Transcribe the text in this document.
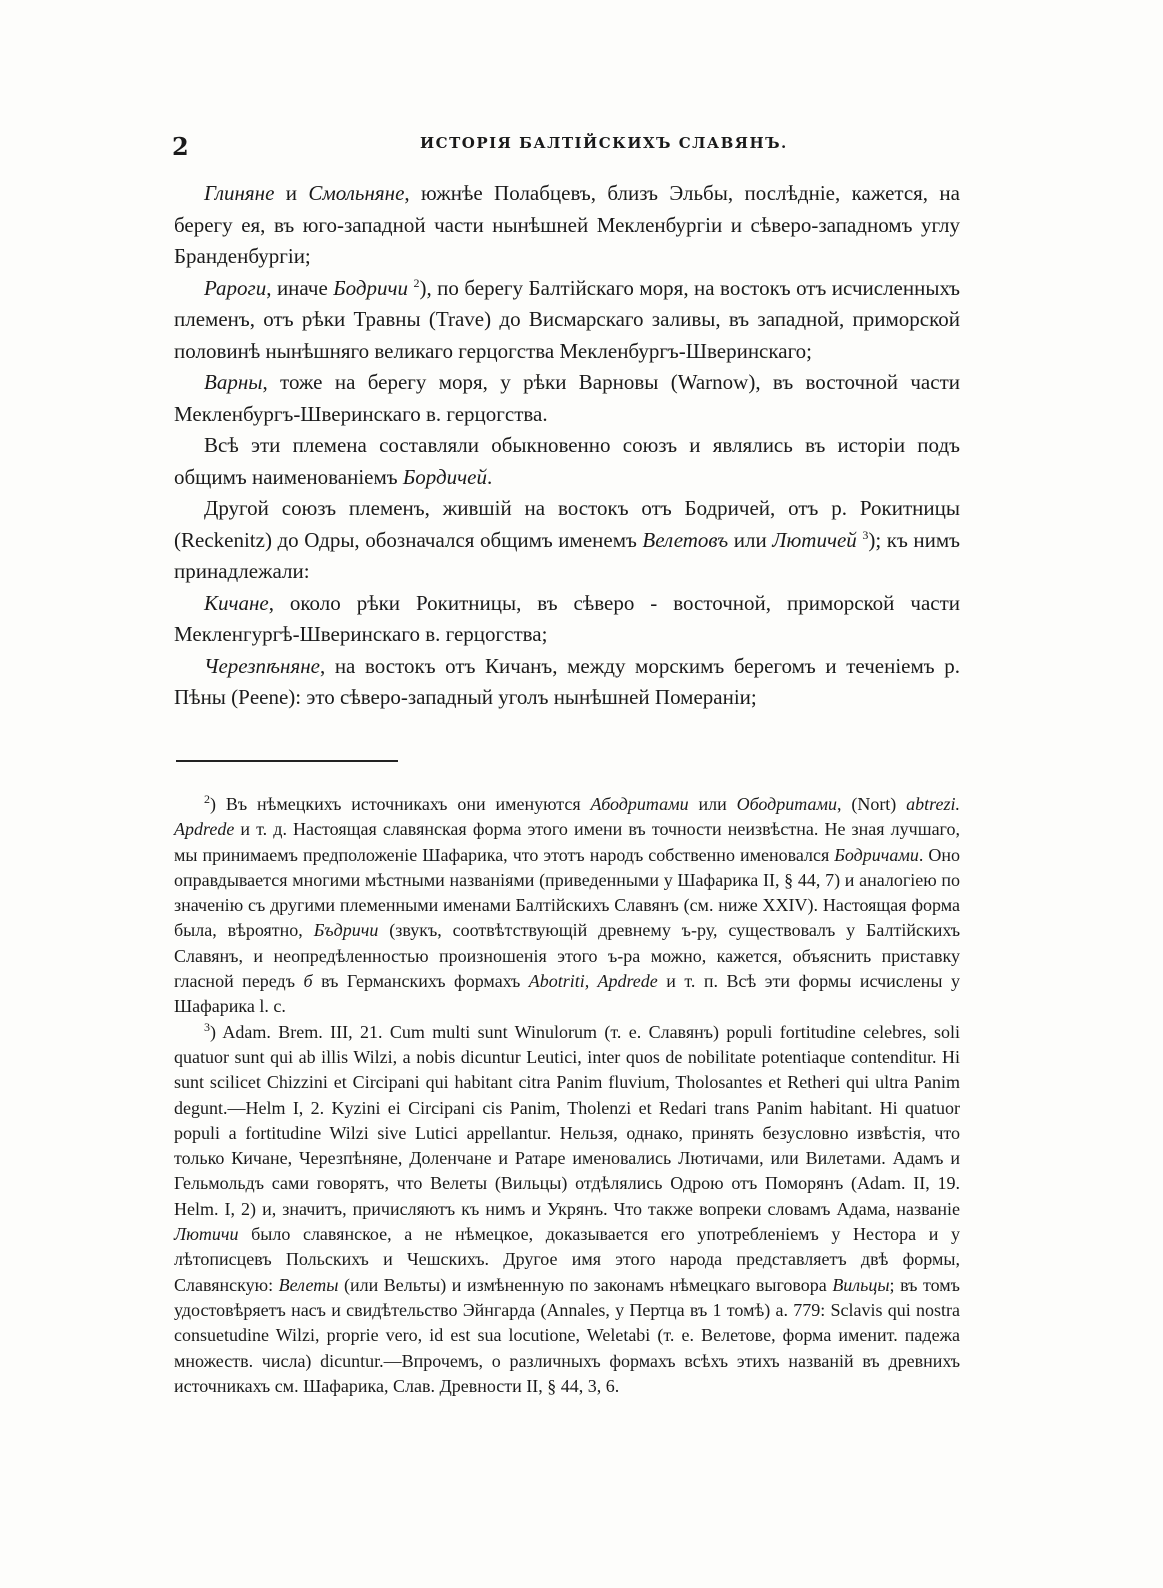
2	ИСТОРІЯ БАЛТІЙСКИХЪ СЛАВЯНЪ.

Глиняне и Смольняне, южнѣе Полабцевъ, близъ Эльбы, послѣдніе, кажется, на берегу ея, въ юго-западной части нынѣшней Мекленбургіи и сѣверо-западномъ углу Бранденбургіи;

Рароги, иначе Бодричи $^2$), по берегу Балтійскаго моря, на востокъ отъ исчисленныхъ племенъ, отъ рѣки Травны (Trave) до Висмарскаго заливы, въ западной, приморской половинѣ нынѣшняго великаго герцогства Мекленбургъ-Шверинскаго;

Варны, тоже на берегу моря, у рѣки Варновы (Warnow), въ восточной части Мекленбургъ-Шверинскаго в. герцогства.

Всѣ эти племена составляли обыкновенно союзъ и являлись въ исторіи подъ общимъ наименованіемъ Бордичей.

Другой союзъ племенъ, жившій на востокъ отъ Бодричей, отъ р. Рокитницы (Reckenitz) до Одры, обозначался общимъ именемъ Велетовъ или Лютичей $^3$); къ нимъ принадлежали:

Кичане, около рѣки Рокитницы, въ сѣверо - восточной, приморской части Мекленгургѣ-Шверинскаго в. герцогства;

Черезпѣняне, на востокъ отъ Кичанъ, между морскимъ берегомъ и теченіемъ р. Пѣны (Peene): это сѣверо-западный уголъ нынѣшней Помераніи;

$^2$) Въ нѣмецкихъ источникахъ они именуются Абодритами или Ободритами, (Nort) abtrezi. Apdrede и т. д. Настоящая славянская форма этого имени въ точности неизвѣстна. Не зная лучшаго, мы принимаемъ предположеніе Шафарика, что этотъ народъ собственно именовался Бодричами. Оно оправдывается многими мѣстными названіями (приведенными у Шафарика II, § 44, 7) и аналогіею по значенію съ другими племенными именами Балтійскихъ Славянъ (см. ниже XXIV). Настоящая форма была, вѣроятно, Бъдричи (звукъ, соотвѣтствующій древнему ъ-ру, существовалъ у Балтійскихъ Славянъ, и неопредѣленностью произношенія этого ъ-ра можно, кажется, объяснить приставку гласной передъ б въ Германскихъ формахъ Abotriti, Apdrede и т. п. Всѣ эти формы исчислены у Шафарика l. c.

$^3$) Adam. Brem. III, 21. Cum multi sunt Winulorum (т. е. Славянъ) populi fortitudine celebres, soli quatuor sunt qui ab illis Wilzi, a nobis dicuntur Leutici, inter quos de nobilitate potentiaque contenditur. Hi sunt scilicet Chizzini et Circipani qui habitant citra Panim fluvium, Tholosantes et Retheri qui ultra Panim degunt.—Helm I, 2. Kyzini ei Circipani cis Panim, Tholenzi et Redari trans Panim habitant. Hi quatuor populi a fortitudine Wilzi sive Lutici appellantur. Нельзя, однако, принять безусловно извѣстія, что только Кичане, Черезпѣняне, Доленчане и Ратаре именовались Лютичами, или Вилетами. Адамъ и Гельмольдъ сами говорятъ, что Велеты (Вильцы) отдѣлялись Одрою отъ Поморянъ (Adam. II, 19. Helm. I, 2) и, значитъ, причисляютъ къ нимъ и Укрянъ. Что также вопреки словамъ Адама, названіе Лютичи было славянское, а не нѣмецкое, доказывается его употребленіемъ у Нестора и у лѣтописцевъ Польскихъ и Чешскихъ. Другое имя этого народа представляетъ двѣ формы, Славянскую: Велеты (или Вельты) и измѣненную по законамъ нѣмецкаго выговора Вильцы; въ томъ удостовѣряетъ насъ и свидѣтельство Эйнгарда (Annales, у Пертца въ 1 томѣ) a. 779: Sclavis qui nostra consuetudine Wilzi, proprie vero, id est sua locutione, Weletabi (т. е. Велетове, форма именит. падежа множеств. числа) dicuntur.—Впрочемъ, о различныхъ формахъ всѣхъ этихъ названій въ древнихъ источникахъ см. Шафарика, Слав. Древности II, § 44, 3, 6.
